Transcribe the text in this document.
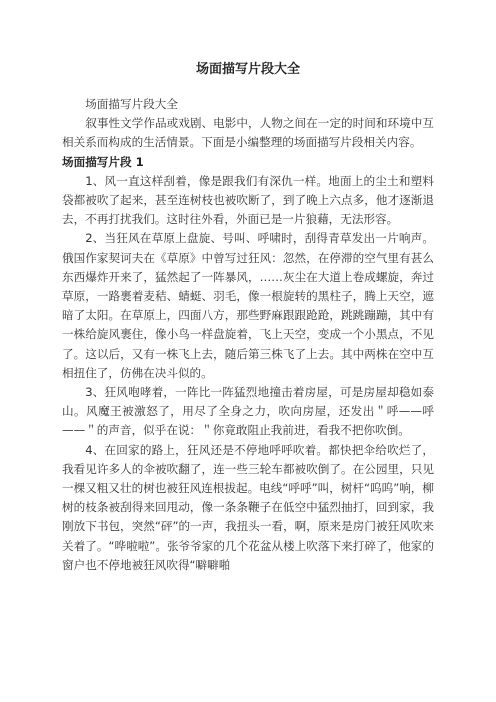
场面描写片段大全

场面描写片段大全

叙事性文学作品或戏剧、电影中，人物之间在一定的时间和环境中互相关系而构成的生活情景。下面是小编整理的场面描写片段相关内容。

场面描写片段 1

1、风一直这样刮着，像是跟我们有深仇一样。地面上的尘土和塑料袋都被吹了起来，甚至连树枝也被吹断了，到了晚上六点多，他才逐渐退去，不再打扰我们。这时往外看，外面已是一片狼藉，无法形容。

2、当狂风在草原上盘旋、号叫、呼啸时，刮得青草发出一片响声。俄国作家契诃夫在《草原》中曾写过狂风：忽然，在停滞的空气里有甚么东西爆炸开来了，猛然起了一阵暴风，……灰尘在大道上卷成螺旋，奔过草原，一路裹着麦秸、蜻蜓、羽毛，像一根旋转的黑柱子，腾上天空，遮暗了太阳。在草原上，四面八方，那些野麻跟跟跄跄，跳跳蹦蹦，其中有一株给旋风裹住，像小鸟一样盘旋着，飞上天空，变成一个小黑点，不见了。这以后，又有一株飞上去，随后第三株飞了上去。其中两株在空中互相扭住了，仿佛在决斗似的。

3、狂风咆哮着，一阵比一阵猛烈地撞击着房屋，可是房屋却稳如泰山。风魔王被激怒了，用尽了全身之力，吹向房屋，还发出＂呼——呼——＂的声音，似乎在说：＂你竟敢阻止我前进，看我不把你吹倒。

4、在回家的路上，狂风还是不停地呼呼吹着。都快把伞给吹烂了，我看见许多人的伞被吹翻了，连一些三轮车都被吹倒了。在公园里，只见一棵又粗又壮的树也被狂风连根拔起。电线“呼呼”叫，树杆“呜呜”响，柳树的枝条被刮得来回甩动，像一条条鞭子在低空中猛烈抽打，回到家，我刚放下书包，突然“砰”的一声，我扭头一看，啊，原来是房门被狂风吹来关着了。“哗啦啦”。张爷爷家的几个花盆从楼上吹落下来打碎了，他家的窗户也不停地被狂风吹得“噼噼啪
